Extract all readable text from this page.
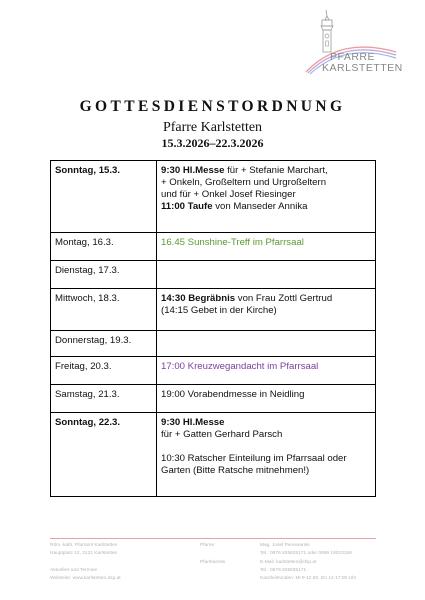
PFARRE
KARLSTETTEN
GOTTESDIENSTORDNUNG
Pfarre Karlstetten
15.3.2026–22.3.2026
Sonntag, 15.3.	9:30 Hl.Messe für + Stefanie Marchart,
+ Onkeln, Großeltern und Urgroßeltern
und für + Onkel Josef Riesinger
11:00 Taufe von Manseder Annika

Montag, 16.3.	16.45 Sunshine-Treff im Pfarrsaal
Dienstag, 17.3.	
Mittwoch, 18.3.	14:30 Begräbnis von Frau Zottl Gertrud
(14:15 Gebet in der Kirche)

Donnerstag, 19.3.	
Freitag, 20.3.	17:00 Kreuzwegandacht im Pfarrsaal
Samstag, 21.3.	19:00 Vorabendmesse in Neidling
Sonntag, 22.3.	9:30 Hl.Messe
für + Gatten Gerhard Parsch
10:30 Ratscher Einteilung im Pfarrsaal oder
Garten (Bitte Ratsche mitnehmen!)
Röm.-kath. Pfarramt Karlstetten
Hauptplatz 12, 3121 Karlstetten

Aktuelles und Termine
Webseite: www.karlstetten.dsp.at
Pfarrer

Pfarrkanzlei
Mag. Josef Pierewarski
Tel.: 0676 826635171 oder 0699 18023158
E-Mail: karlstetten@dsp.at
Tel.: 0676 826635171
Kanzleistunden: Mi 9-12.00, Do 14-17:00 Uhr
